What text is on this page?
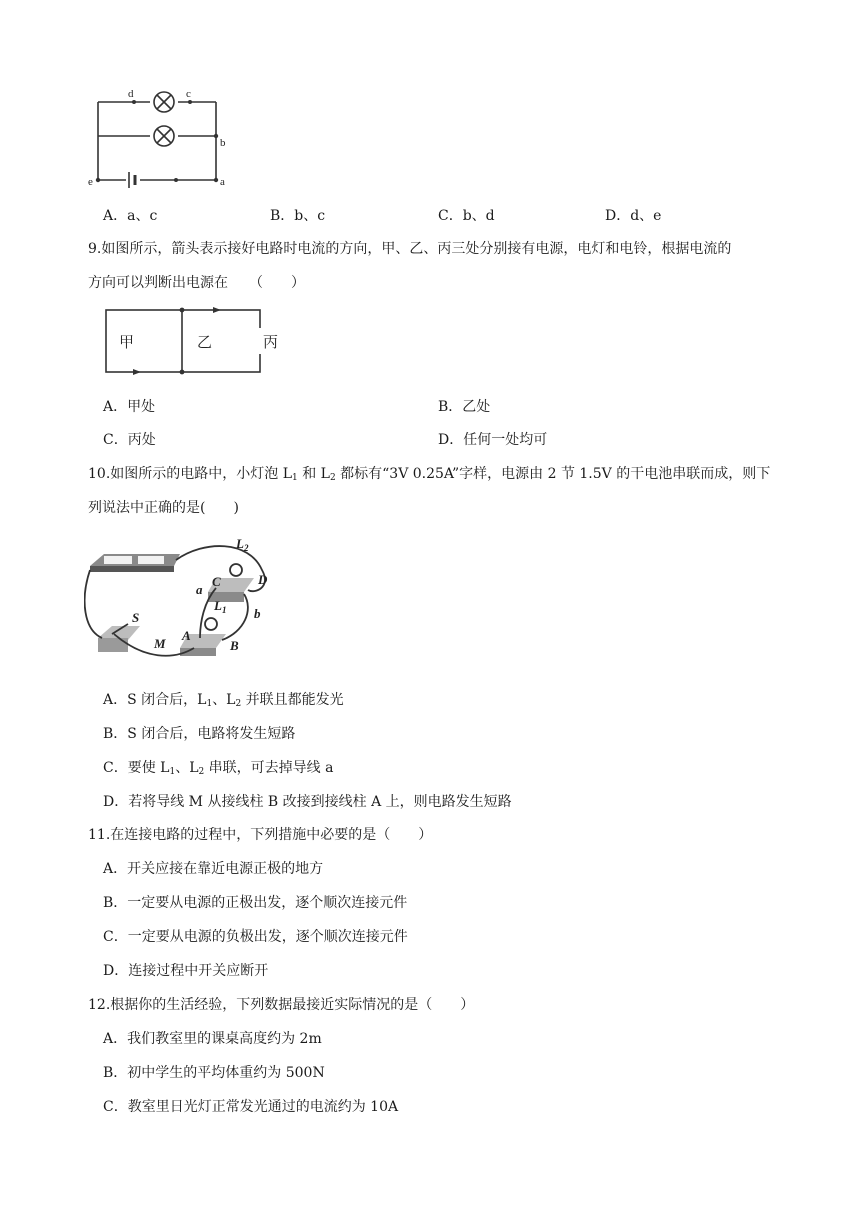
d	c
b
e	a
A．a、c	B．b、c	C．b、d	D．d、e
9.如图所示，箭头表示接好电路时电流的方向，甲、乙、丙三处分别接有电源，电灯和电铃，根据电流的
方向可以判断出电源在　　（　　）
甲	乙	丙
A．甲处	B．乙处
C．丙处	D．任何一处均可
10.如图所示的电路中，小灯泡 $L_1$ 和 $L_2$ 都标有“3V 0.25A”字样，电源由 2 节 1.5V 的干电池串联而成，则下
列说法中正确的是(　　)
$L_2$
C	D
a
b
$L_1$
A
B
S
M
A．S 闭合后，$L_1$、$L_2$ 并联且都能发光
B．S 闭合后，电路将发生短路
C．要使 $L_1$、$L_2$ 串联，可去掉导线 a
D．若将导线 M 从接线柱 B 改接到接线柱 A 上，则电路发生短路
11.在连接电路的过程中，下列措施中必要的是（　　）
A．开关应接在靠近电源正极的地方
B．一定要从电源的正极出发，逐个顺次连接元件
C．一定要从电源的负极出发，逐个顺次连接元件
D．连接过程中开关应断开
12.根据你的生活经验，下列数据最接近实际情况的是（　　）
A．我们教室里的课桌高度约为 2m
B．初中学生的平均体重约为 500N
C．教室里日光灯正常发光通过的电流约为 10A
